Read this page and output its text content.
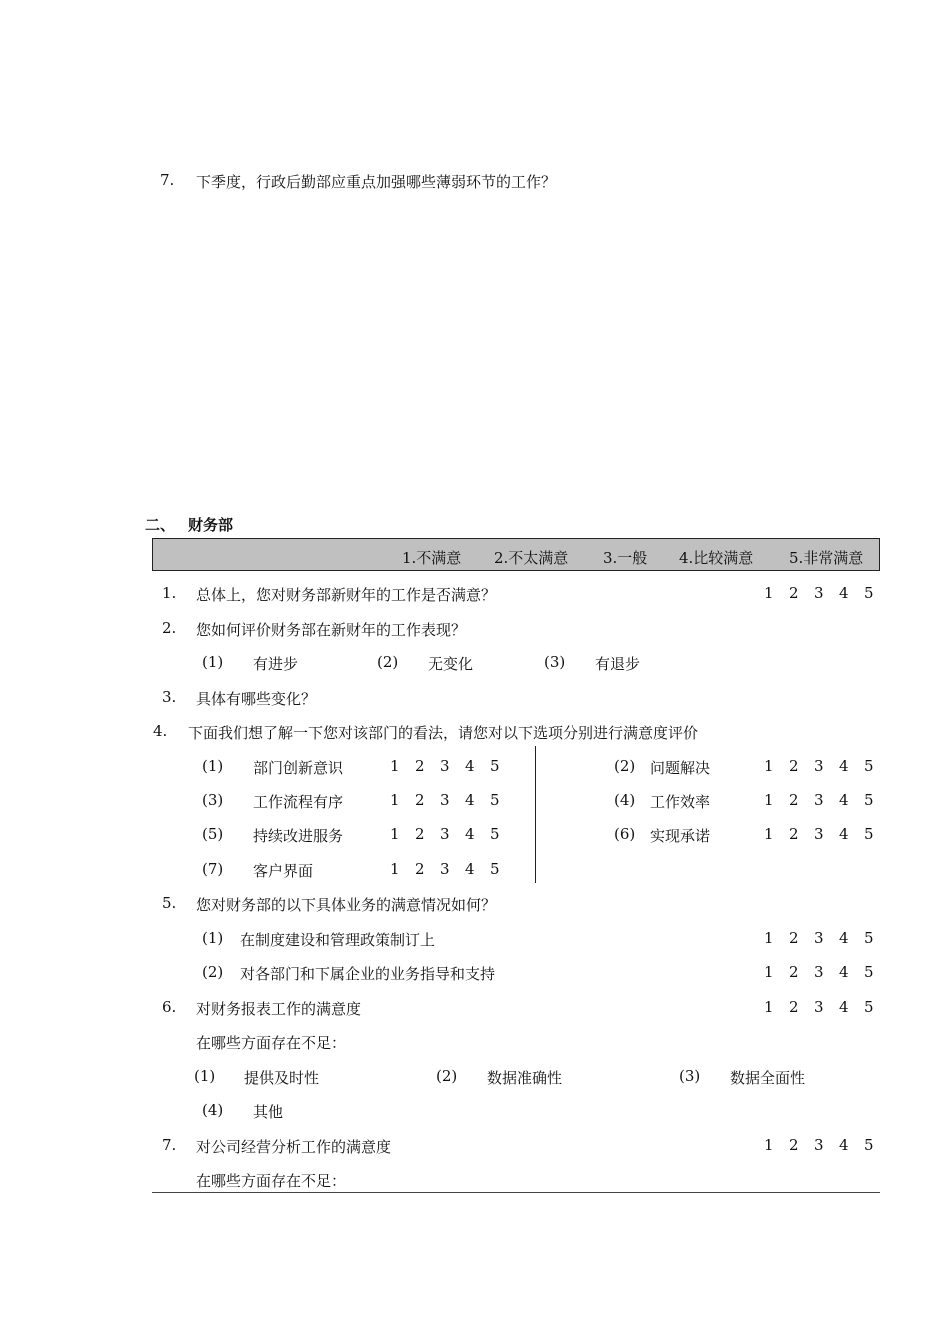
7. 下季度，行政后勤部应重点加强哪些薄弱环节的工作？
二、 财务部
1.不满意 2.不太满意 3.一般 4.比较满意 5.非常满意
1. 总体上，您对财务部新财年的工作是否满意？	1 2 3 4 5
2. 您如何评价财务部在新财年的工作表现？
(1) 有进步	(2) 无变化	(3) 有退步
3. 具体有哪些变化？
4. 下面我们想了解一下您对该部门的看法，请您对以下选项分别进行满意度评价
(1) 部门创新意识	1 2 3 4 5
(3) 工作流程有序	1 2 3 4 5
(5) 持续改进服务	1 2 3 4 5
(7) 客户界面	1 2 3 4 5
(2) 问题解决	1 2 3 4 5
(4) 工作效率	1 2 3 4 5
(6) 实现承诺	1 2 3 4 5
5. 您对财务部的以下具体业务的满意情况如何？
(1) 在制度建设和管理政策制订上	1 2 3 4 5
(2) 对各部门和下属企业的业务指导和支持	1 2 3 4 5
6. 对财务报表工作的满意度	1 2 3 4 5
在哪些方面存在不足：
(1) 提供及时性	(2) 数据准确性	(3) 数据全面性
(4) 其他
7. 对公司经营分析工作的满意度	1 2 3 4 5
在哪些方面存在不足：
